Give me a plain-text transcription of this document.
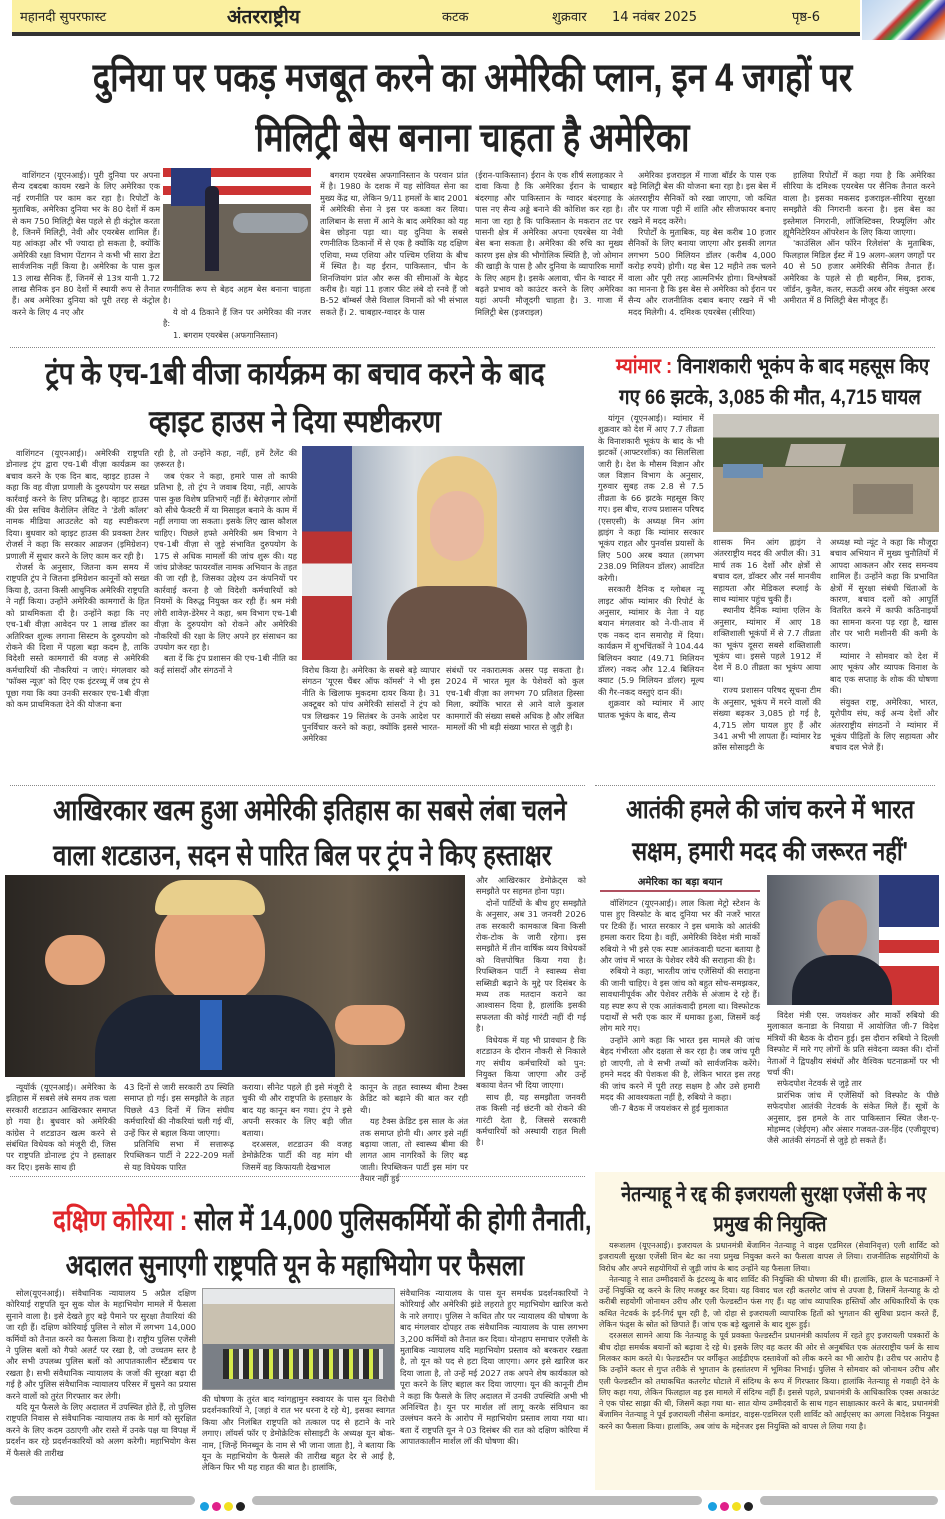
महानदी सुपरफास्ट	अंतरराष्ट्रीय	कटक	शुक्रवार 14 नवंबर 2025	पृष्ठ-6
दुनिया पर पकड़ मजबूत करने का अमेरिकी प्लान, इन 4 जगहों पर
मिलिट्री बेस बनाना चाहता है अमेरिका

वाशिंगटन (यूएनआई)। पूरी दुनिया पर अपना सैन्य दबदबा कायम रखने के लिए अमेरिका एक नई रणनीति पर काम कर रहा है। रिपोर्टों के मुताबिक, अमेरिका दुनिया भर के 80 देशों में कम से कम 750 मिलिट्री बेस पहले से ही कंट्रोल करता है, जिनमें मिलिट्री, नेवी और एयरबेस शामिल हैं। यह आंकड़ा और भी ज्यादा हो सकता है, क्योंकि अमेरिकी रक्षा विभाग पेंटागन ने कभी भी सारा डेटा सार्वजनिक नहीं किया है। अमेरिका के पास कुल 13 लाख सैनिक हैं, जिनमें से 13त्र यानी 1.72 लाख सैनिक इन 80 देशों में स्थायी रूप से तैनात हैं। अब अमेरिका दुनिया को पूरी तरह से कंट्रोल करने के लिए 4 नए और

रणनीतिक रूप से बेहद अहम बेस बनाना चाहता है।

ये वो 4 ठिकाने हैं जिन पर अमेरिका की नजर है:

1. बगराम एयरबेस (अफगानिस्तान)

बगराम एयरबेस अफगानिस्तान के परवान प्रांत में है। 1980 के दशक में यह सोवियत सेना का मुख्य केंद्र था, लेकिन 9/11 हमलों के बाद 2001 में अमेरिकी सेना ने इस पर कब्जा कर लिया। तालिबान के सत्ता में आने के बाद अमेरिका को यह बेस छोड़ना पड़ा था। यह दुनिया के सबसे रणनीतिक ठिकानों में से एक है क्योंकि यह दक्षिण एशिया, मध्य एशिया और पश्चिम एशिया के बीच में स्थित है। यह ईरान, पाकिस्तान, चीन के शिनजियांग प्रांत और रूस की सीमाओं के बेहद करीब है। यहां 11 हजार फीट लंबे दो रनवे हैं जो B-52 बॉम्बर्स जैसे विशाल विमानों को भी संभाल सकते हैं। 2. चाबहार-ग्वादर के पास

(ईरान-पाकिस्तान) ईरान के एक शीर्ष सलाहकार ने दावा किया है कि अमेरिका ईरान के चाबहार बंदरगाह और पाकिस्तान के ग्वादर बंदरगाह के पास नए सैन्य अड्डे बनाने की कोशिश कर रहा है। माना जा रहा है कि पाकिस्तान के मकरान तट पर पासनी क्षेत्र में अमेरिका अपना एयरबेस या नेवी बेस बना सकता है। अमेरिका की रुचि का मुख्य कारण इस क्षेत्र की भौगोलिक स्थिति है, जो ओमान की खाड़ी के पास है और दुनिया के व्यापारिक मार्गों के लिए अहम है। इसके अलावा, चीन के ग्वादर में बढ़ते प्रभाव को काउंटर करने के लिए अमेरिका यहां अपनी मौजूदगी चाहता है। 3. गाजा में मिलिट्री बेस (इजराइल)

अमेरिका इजराइल में गाजा बॉर्डर के पास एक बड़े मिलिट्री बेस की योजना बना रहा है। इस बेस में अंतरराष्ट्रीय सैनिकों को रखा जाएगा, जो कथित तौर पर गाजा पट्टी में शांति और सीजफायर बनाए रखने में मदद करेंगे।

रिपोर्टों के मुताबिक, यह बेस करीब 10 हजार सैनिकों के लिए बनाया जाएगा और इसकी लागत लगभग 500 मिलियन डॉलर (करीब 4,000 करोड़ रुपये) होगी। यह बेस 12 महीने तक चलने वाला और पूरी तरह आत्मनिर्भर होगा। विश्लेषकों का मानना है कि इस बेस से अमेरिका को ईरान पर सैन्य और राजनीतिक दबाव बनाए रखने में भी मदद मिलेगी। 4. दमिश्क एयरबेस (सीरिया)

हालिया रिपोर्टों में कहा गया है कि अमेरिका सीरिया के दमिश्क एयरबेस पर सैनिक तैनात करने वाला है। इसका मकसद इजराइल-सीरिया सुरक्षा समझौते की निगरानी करना है। इस बेस का इस्तेमाल निगरानी, लॉजिस्टिक्स, रिफ्यूलिंग और ह्यूमैनिटेरियन ऑपरेशन के लिए किया जाएगा।

'काउंसिल ऑन फॉरेन रिलेशंस' के मुताबिक, फिलहाल मिडिल ईस्ट में 19 अलग-अलग जगहों पर 40 से 50 हजार अमेरिकी सैनिक तैनात हैं। अमेरिका के पहले से ही बहरीन, मिस्र, इराक, जॉर्डन, कुवैत, कतर, सऊदी अरब और संयुक्त अरब अमीरात में 8 मिलिट्री बेस मौजूद हैं।

ट्रंप के एच-1बी वीजा कार्यक्रम का बचाव करने के बाद
व्हाइट हाउस ने दिया स्पष्टीकरण

वाशिंगटन (यूएनआई)। अमेरिकी राष्ट्रपति डोनाल्ड ट्रंप द्वारा एच-1बी वीज़ा कार्यक्रम का बचाव करने के एक दिन बाद, व्हाइट हाउस ने कहा कि वह वीज़ा प्रणाली के दुरुपयोग पर सख्त कार्रवाई करने के लिए प्रतिबद्ध है। व्हाइट हाउस की प्रेस सचिव कैरोलिन लेविट ने 'डेली कॉलर' नामक मीडिया आउटलेट को यह स्पष्टीकरण दिया। बुधवार को व्हाइट हाउस की प्रवक्ता टेलर रोजर्स ने कहा कि सरकार आव्रजन (इमिग्रेशन) प्रणाली में सुधार करने के लिए काम कर रही है।

रोजर्स के अनुसार, जितना कम समय में राष्ट्रपति ट्रंप ने जितना इमिग्रेशन कानूनों को सख्त किया है, उतना किसी आधुनिक अमेरिकी राष्ट्रपति ने नहीं किया। उन्होंने अमेरिकी कामगारों के हित को प्राथमिकता दी है। उन्होंने कहा कि नए एच-1बी वीज़ा आवेदन पर 1 लाख डॉलर का अतिरिक्त शुल्क लगाना सिस्टम के दुरुपयोग को रोकने की दिशा में पहला बड़ा कदम है, ताकि विदेशी सस्ते कामगारों की वजह से अमेरिकी कर्मचारियों की नौकरियां न जाएं। मंगलवार को 'फॉक्स न्यूज़' को दिए एक इंटरव्यू में जब ट्रंप से पूछा गया कि क्या उनकी सरकार एच-1बी वीज़ा को कम प्राथमिकता देने की योजना बना

रही है, तो उन्होंने कहा, नहीं, हमें टैलेंट की ज़रूरत है।

जब एंकर ने कहा, हमारे पास तो काफी प्रतिभा है, तो ट्रंप ने जवाब दिया, नहीं, आपके पास कुछ विशेष प्रतिभाएँ नहीं हैं। बेरोज़गार लोगों को सीधे फैक्टरी में या मिसाइल बनाने के काम में नहीं लगाया जा सकता। इसके लिए खास कौशल चाहिए। पिछले हफ्ते अमेरिकी श्रम विभाग ने एच-1बी वीज़ा से जुड़े संभावित दुरुपयोग के 175 से अधिक मामलों की जांच शुरू की। यह जांच प्रोजेक्ट फायरवॉल नामक अभियान के तहत की जा रही है, जिसका उद्देश्य उन कंपनियों पर कार्रवाई करना है जो विदेशी कर्मचारियों को नियमों के विरुद्ध नियुक्त कर रही हैं। श्रम मंत्री लोरी शावेज़-डेरेमर ने कहा, श्रम विभाग एच-1बी वीज़ा के दुरुपयोग को रोकने और अमेरिकी नौकरियों की रक्षा के लिए अपने हर संसाधन का उपयोग कर रहा है।

बता दें कि ट्रंप प्रशासन की एच-1बी नीति का कई सांसदों और संगठनों ने	विरोध किया है। अमेरिका के सबसे बड़े व्यापार संगठन 'यूएस चैंबर ऑफ कॉमर्स' ने भी इस नीति के खिलाफ मुकदमा दायर किया है। 31 अक्टूबर को पांच अमेरिकी सांसदों ने ट्रंप को पत्र लिखकर 19 सितंबर के उनके आदेश पर पुनर्विचार करने को कहा, क्योंकि इससे भारत-अमेरिका

संबंधों पर नकारात्मक असर पड़ सकता है। 2024 में भारत मूल के पेशेवरों को कुल एच-1बी वीज़ा का लगभग 70 प्रतिशत हिस्सा मिला, क्योंकि भारत से आने वाले कुशल कामगारों की संख्या सबसे अधिक है और लंबित मामलों की भी बड़ी संख्या भारत से जुड़ी है।

म्यांमार : विनाशकारी भूकंप के बाद महसूस किए
गए 66 झटके, 3,085 की मौत, 4,715 घायल

यांगून (यूएनआई)। म्यांमार में शुक्रवार को देश में आए 7.7 तीव्रता के विनाशकारी भूकंप के बाद के भी झटकों (आफ्टरशॉक) का सिलसिला जारी है। देश के मौसम विज्ञान और जल विज्ञान विभाग के अनुसार, गुरुवार सुबह तक 2.8 से 7.5 तीव्रता के 66 झटके महसूस किए गए। इस बीच, राज्य प्रशासन परिषद (एसएसी) के अध्यक्ष मिन आंग ह्लाइंग ने कहा कि म्यांमार सरकार भूकंप राहत और पुनर्वास प्रयासों के लिए 500 अरब क्यात (लगभग 238.09 मिलियन डॉलर) आवंटित करेगी।

सरकारी दैनिक द ग्लोबल न्यू लाइट ऑफ म्यांमार की रिपोर्ट के अनुसार, म्यांमार के नेता ने यह बयान मंगलवार को ने-पी-ताव में एक नकद दान समारोह में दिया। कार्यक्रम में शुभचिंतकों ने 104.44 बिलियन क्याट (49.71 मिलियन डॉलर) नकद और 12.4 बिलियन क्याट (5.9 मिलियन डॉलर) मूल्य की गैर-नकद वस्तुएं दान कीं।

शुक्रवार को म्यांमार में आए घातक भूकंप के बाद, सैन्य

शासक मिन आंग ह्लाइंग ने अंतरराष्ट्रीय मदद की अपील की। 31 मार्च तक 16 देशों और क्षेत्रों से बचाव दल, डॉक्टर और नर्स मानवीय सहायता और मेडिकल स्प्लाई के साथ म्यांमार पहुंच चुकी हैं।

स्थानीय दैनिक म्यांमा एलिन के अनुसार, म्यांमार में आए 18 शक्तिशाली भूकंपों में से 7.7 तीव्रता का भूकंप दूसरा सबसे शक्तिशाली भूकंप था। इससे पहले 1912 में देश में 8.0 तीव्रता का भूकंप आया था।

राज्य प्रशासन परिषद सूचना टीम के अनुसार, भूकंप में मरने वालों की संख्या बढ़कर 3,085 हो गई है, 4,715 लोग घायल हुए हैं और 341 अभी भी लापता हैं। म्यांमार रेड क्रॉस सोसाइटी के

अध्यक्ष म्यो न्यूंट ने कहा कि मौजूदा बचाव अभियान में मुख्य चुनौतियों में आपदा आकलन और रसद समन्वय शामिल हैं। उन्होंने कहा कि प्रभावित क्षेत्रों में सुरक्षा संबंधी चिंताओं के कारण, बचाव दलों को आपूर्ति वितरित करने में काफी कठिनाइयों का सामना करना पड़ रहा है, खास तौर पर भारी मशीनरी की कमी के कारण।

म्यांमार ने सोमवार को देश में आए भूकंप और व्यापक विनाश के बाद एक सप्ताह के शोक की घोषणा की।

संयुक्त राष्ट्र, अमेरिका, भारत, यूरोपीय संघ, कई अन्य देशों और अंतरराष्ट्रीय संगठनों ने म्यांमार में भूकंप पीड़ितों के लिए सहायता और बचाव दल भेजे हैं।

आखिरकार खत्म हुआ अमेरिकी इतिहास का सबसे लंबा चलने
वाला शटडाउन, सदन से पारित बिल पर ट्रंप ने किए हस्ताक्षर

और आखिरकार डेमोक्रेट्स को समझौते पर सहमत होना पड़ा।

दोनों पार्टियों के बीच हुए समझौते के अनुसार, अब 31 जनवरी 2026 तक सरकारी कामकाज बिना किसी रोक-टोक के जारी रहेगा। इस समझौते में तीन वार्षिक व्यय विधेयकों को वित्तपोषित किया गया है। रिपब्लिकन पार्टी ने स्वास्थ्य सेवा सब्सिडी बढ़ाने के मुद्दे पर दिसंबर के मध्य तक मतदान कराने का आश्वासन दिया है, हालांकि इसकी सफलता की कोई गारंटी नहीं दी गई है।

विधेयक में यह भी प्रावधान है कि शटडाउन के दौरान नौकरी से निकाले गए संघीय कर्मचारियों को पुन: नियुक्त किया जाएगा और उन्हें बकाया वेतन भी दिया जाएगा।

साथ ही, यह समझौता जनवरी तक किसी नई छंटनी को रोकने की गारंटी देता है, जिससे सरकारी कर्मचारियों को अस्थायी राहत मिली है।

न्यूयॉर्क (यूएनआई)। अमेरिका के इतिहास में सबसे लंबे समय तक चला सरकारी शटडाउन आखिरकार समाप्त हो गया है। बुधवार को अमेरिकी कांग्रेस ने शटडाउन खत्म करने से संबंधित विधेयक को मंजूरी दी, जिस पर राष्ट्रपति डोनाल्ड ट्रंप ने हस्ताक्षर कर दिए। इसके साथ ही

43 दिनों से जारी सरकारी ठप स्थिति समाप्त हो गई। इस समझौते के तहत पिछले 43 दिनों में जिन संघीय कर्मचारियों की नौकरियां चली गई थीं, उन्हें फिर से बहाल किया जाएगा।

प्रतिनिधि सभा में सत्तारूढ़ रिपब्लिकन पार्टी ने 222-209 मतों से यह विधेयक पारित

कराया। सीनेट पहले ही इसे मंजूरी दे चुकी थी और राष्ट्रपति के हस्ताक्षर के बाद यह कानून बन गया। ट्रंप ने इसे अपनी सरकार के लिए बड़ी जीत बताया।

दरअसल, शटडाउन की वजह डेमोक्रेटिक पार्टी की वह मांग थी जिसमें वह किफायती देखभाल

कानून के तहत स्वास्थ्य बीमा टैक्स क्रेडिट को बढ़ाने की बात कर रही थी।

यह टैक्स क्रेडिट इस साल के अंत तक समाप्त होनी थी। अगर इसे नहीं बढ़ाया जाता, तो स्वास्थ्य बीमा की लागत आम नागरिकों के लिए बढ़ जाती। रिपब्लिकन पार्टी इस मांग पर तैयार नहीं हुई

आतंकी हमले की जांच करने में भारत
सक्षम, हमारी मदद की जरूरत नहीं'
अमेरिका का बड़ा बयान

वॉशिंगटन (यूएनआई)। लाल किला मेट्रो स्टेशन के पास हुए विस्फोट के बाद दुनिया भर की नजरें भारत पर टिकी हैं। भारत सरकार ने इस धमाके को आतंकी हमला करार दिया है। वहीं, अमेरिकी विदेश मंत्री मार्को रुबियो ने भी इसे एक स्पष्ट आतंकवादी घटना बताया है और जांच में भारत के पेशेवर रवैये की सराहना की है।

रुबियो ने कहा, भारतीय जांच एजेंसियों की सराहना की जानी चाहिए। वे इस जांच को बहुत सोच-समझकर, सावधानीपूर्वक और पेशेवर तरीके से अंजाम दे रहे हैं। यह स्पष्ट रूप से एक आतंकवादी हमला था। विस्फोटक पदार्थों से भरी एक कार में धमाका हुआ, जिसमें कई लोग मारे गए।

उन्होंने आगे कहा कि भारत इस मामले की जांच बेहद गंभीरता और दक्षता से कर रहा है। जब जांच पूरी हो जाएगी, तो वे सभी तथ्यों को सार्वजनिक करेंगे। हमने मदद की पेशकश की है, लेकिन भारत इस तरह की जांच करने में पूरी तरह सक्षम है और उसे हमारी मदद की आवश्यकता नहीं है, रुबियो ने कहा।

जी-7 बैठक में जयशंकर से हुई मुलाकात

विदेश मंत्री एस. जयशंकर और मार्को रुबियो की मुलाकात कनाडा के नियाग्रा में आयोजित जी-7 विदेश मंत्रियों की बैठक के दौरान हुई। इस दौरान रुबियो ने दिल्ली विस्फोट में मारे गए लोगों के प्रति संवेदना व्यक्त की। दोनों नेताओं ने द्विपक्षीय संबंधों और वैश्विक घटनाक्रमों पर भी चर्चा की।

सफेदपोश नेटवर्क से जुड़े तार

प्रारंभिक जांच में एजेंसियों को विस्फोट के पीछे सफेदपोश आतंकी नेटवर्क के संकेत मिले हैं। सूत्रों के अनुसार, इस हमले के तार पाकिस्तान स्थित जैश-ए-मोहम्मद (जेईएम) और अंसार गजवत-उल-हिंद (एजीयूएच) जैसे आतंकी संगठनों से जुड़े हो सकते हैं।

दक्षिण कोरिया : सोल में 14,000 पुलिसकर्मियों की होगी तैनाती,
अदालत सुनाएगी राष्ट्रपति यून के महाभियोग पर फैसला

सोल(यूएनआई)। संवैधानिक न्यायालय 5 अप्रैल दक्षिण कोरियाई राष्ट्रपति यून सुक योल के महाभियोग मामले में फैसला सुनाने वाला है। इसे देखते हुए बड़े पैमाने पर सुरक्षा तैयारियां की जा रही हैं। दक्षिण कोरियाई पुलिस ने सोल में लगभग 14,000 कर्मियों को तैनात करने का फैसला किया है। राष्ट्रीय पुलिस एजेंसी ने पुलिस बलों को गैफो अलर्ट पर रखा है, जो उच्चतम स्तर है और सभी उपलब्ध पुलिस बलों को आपातकालीन स्टैंडबाय पर रखता है। सभी संवैधानिक न्यायालय के जजों की सुरक्षा बढ़ा दी गई है और पुलिस संवैधानिक न्यायालय परिसर में घुसने का प्रयास करने वालों को तुरंत गिरफ्तार कर लेगी।

यदि यून फैसले के लिए अदालत में उपस्थित होते हैं, तो पुलिस राष्ट्रपति निवास से संवैधानिक न्यायालय तक के मार्ग को सुरक्षित करने के लिए कदम उठाएगी और रास्ते में उनके पक्ष या विपक्ष में प्रदर्शन कर रहे प्रदर्शनकारियों को अलग करेगी। महाभियोग केस में फैसले की तारीख

की घोषणा के तुरंत बाद ग्वांगह्वामुन स्क्वायर के पास यून विरोधी प्रदर्शनकारियों ने, [जहां वे रात भर धरना दे रहे थे], इसका स्वागत किया और निलंबित राष्ट्रपति को तत्काल पद से हटाने के नारे लगाए। लॉयर्स फॉर ए डेमोक्रेटिक सोसाइटी के अध्यक्ष यून बोक-नाम, [जिन्हें मिनब्यून के नाम से भी जाना जाता है], ने बताया कि यून के महाभियोग के फैसले की तारीख बहुत देर से आई है, लेकिन फिर भी यह राहत की बात है। हालांकि,

संवैधानिक न्यायालय के पास यून समर्थक प्रदर्शनकारियों ने कोरियाई और अमेरिकी झंडे लहराते हुए महाभियोग खारिज करो के नारे लगाए। पुलिस ने कथित तौर पर न्यायालय की घोषणा के बाद मंगलवार दोपहर तक संवैधानिक न्यायालय के पास लगभग 3,200 कर्मियों को तैनात कर दिया। योनहाप समाचार एजेंसी के मुताबिक न्यायालय यदि महाभियोग प्रस्ताव को बरकरार रखता है, तो यून को पद से हटा दिया जाएगा। अगर इसे खारिज कर दिया जाता है, तो उन्हें मई 2027 तक अपने शेष कार्यकाल को पूरा करने के लिए बहाल कर दिया जाएगा। यून की कानूनी टीम ने कहा कि फैसले के लिए अदालत में उनकी उपस्थिति अभी भी अनिश्चित है। यून पर मार्शल लॉ लागू करके संविधान का उल्लंघन करने के आरोप में महाभियोग प्रस्ताव लाया गया था। बता दें राष्ट्रपति यून ने 03 दिसंबर की रात को दक्षिण कोरिया में आपातकालीन मार्शल लॉ की घोषणा की।

नेतन्याहू ने रद्द की इजरायली सुरक्षा एजेंसी के नए
प्रमुख की नियुक्ति

यरूशलम (यूएनआई)। इजरायल के प्रधानमंत्री बेंजामिन नेतन्याहू ने वाइस एडमिरल (सेवानिवृत्त) एली शार्विट को इजरायली सुरक्षा एजेंसी शिन बेट का नया प्रमुख नियुक्त करने का फैसला वापस ले लिया। राजनीतिक सहयोगियों के विरोध और अपने सहयोगियों से जुड़ी जांच के बाद उन्होंने यह फैसला लिया।

नेतन्याहू ने सात उम्मीदवारों के इंटरव्यू के बाद शार्विट की नियुक्ति की घोषणा की थी। हालांकि, हाल के घटनाक्रमों ने उन्हें नियुक्ति रद्द करने के लिए मजबूर कर दिया। यह विवाद चल रही कतरगेट जांच से उपजा है, जिसमें नेतन्याहू के दो करीबी सहयोगी जोनाथन उरीच और एली फेल्डस्टीन फंस गए हैं। यह जांच व्यापारिक हस्तियों और अधिकारियों के एक कथित नेटवर्क के इर्द-गिर्द घूम रही है, जो दोहा से इजरायली व्यापारिक हितों को भुगतान की सुविधा प्रदान करते हैं, लेकिन फंड्स के स्रोत को छिपाते हैं। जांच एक बड़े खुलासे के बाद शुरू हुई।

दरअसल सामने आया कि नेतन्याहू के पूर्व प्रवक्ता फेल्डस्टीन प्रधानमंत्री कार्यालय में रहते हुए इजरायली पत्रकारों के बीच दोहा समर्थक बयानों को बढ़ावा दे रहे थे। इसके लिए वह कतर की ओर से अनुबंधित एक अंतरराष्ट्रीय फर्म के साथ मिलकर काम करते थे। फेल्डस्टीन पर वर्गीकृत आईडीएफ दस्तावेजों को लीक करने का भी आरोप है। उरीच पर आरोप है कि उन्होंने कतर से गुप्त तरीके से भुगतान के हस्तांतरण में भूमिका निभाई। पुलिस ने सोमवार को जोनाथन उरीच और एली फेल्डस्टीन को तथाकथित कतरगेट घोटाले में संदिग्ध के रूप में गिरफ्तार किया। हालांकि नेतन्याहू से गवाही देने के लिए कहा गया, लेकिन फिलहाल वह इस मामले में संदिग्ध नहीं हैं। इससे पहले, प्रधानमंत्री के आधिकारिक एक्स अकाउंट ने एक पोस्ट साझा की थी, जिसमें कहा गया था- सात योग्य उम्मीदवारों के साथ गहन साक्षात्कार करने के बाद, प्रधानमंत्री बेंजामिन नेतन्याहू ने पूर्व इजरायली नौसेना कमांडर, वाइस-एडमिरल एली शार्विट को आईएसए का अगला निदेशक नियुक्त करने का फैसला किया। हालांकि, अब जांच के मद्देनजर इस नियुक्ति को वापस ले लिया गया है।
